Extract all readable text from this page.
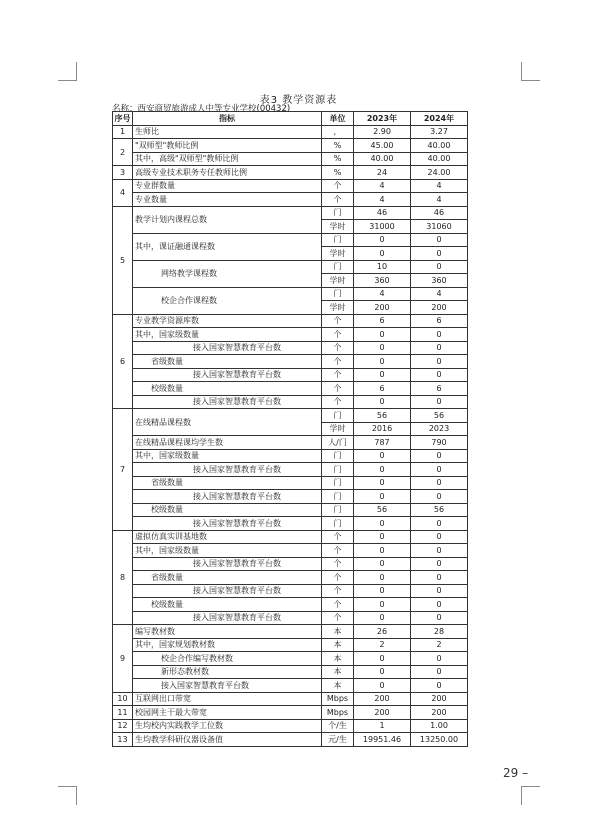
表3 教学资源表
名称：西安商贸旅游成人中等专业学校(00432)
序号	指标	单位	2023年	2024年
1	生师比	，	2.90	3.27
2	"双师型"教师比例	%	45.00	40.00
	其中，高级"双师型"教师比例	%	40.00	40.00
3	高级专业技术职务专任教师比例	%	24	24.00
4	专业群数量	个	4	4
	专业数量	个	4	4
5	教学计划内课程总数	门	46	46
		学时	31000	31060
	其中，课证融通课程数	门	0	0
		学时	0	0
	网络教学课程数	门	10	0
		学时	360	360
	校企合作课程数	门	4	4
		学时	200	200
6	专业教学资源库数	个	6	6
	其中，国家级数量	个	0	0
	接入国家智慧教育平台数	个	0	0
	省级数量	个	0	0
	接入国家智慧教育平台数	个	0	0
	校级数量	个	6	6
	接入国家智慧教育平台数	个	0	0
7	在线精品课程数	门	56	56
		学时	2016	2023
	在线精品课程课均学生数	人/门	787	790
	其中，国家级数量	门	0	0
	接入国家智慧教育平台数	门	0	0
	省级数量	门	0	0
	接入国家智慧教育平台数	门	0	0
	校级数量	门	56	56
	接入国家智慧教育平台数	门	0	0
8	虚拟仿真实训基地数	个	0	0
	其中，国家级数量	个	0	0
	接入国家智慧教育平台数	个	0	0
	省级数量	个	0	0
	接入国家智慧教育平台数	个	0	0
	校级数量	个	0	0
	接入国家智慧教育平台数	个	0	0
9	编写教材数	本	26	28
	其中，国家规划教材数	本	2	2
	校企合作编写教材数	本	0	0
	新形态教材数	本	0	0
	接入国家智慧教育平台数	本	0	0
10	互联网出口带宽	Mbps	200	200
11	校园网主干最大带宽	Mbps	200	200
12	生均校内实践教学工位数	个/生	1	1.00
13	生均教学科研仪器设备值	元/生	19951.46	13250.00
29 –
